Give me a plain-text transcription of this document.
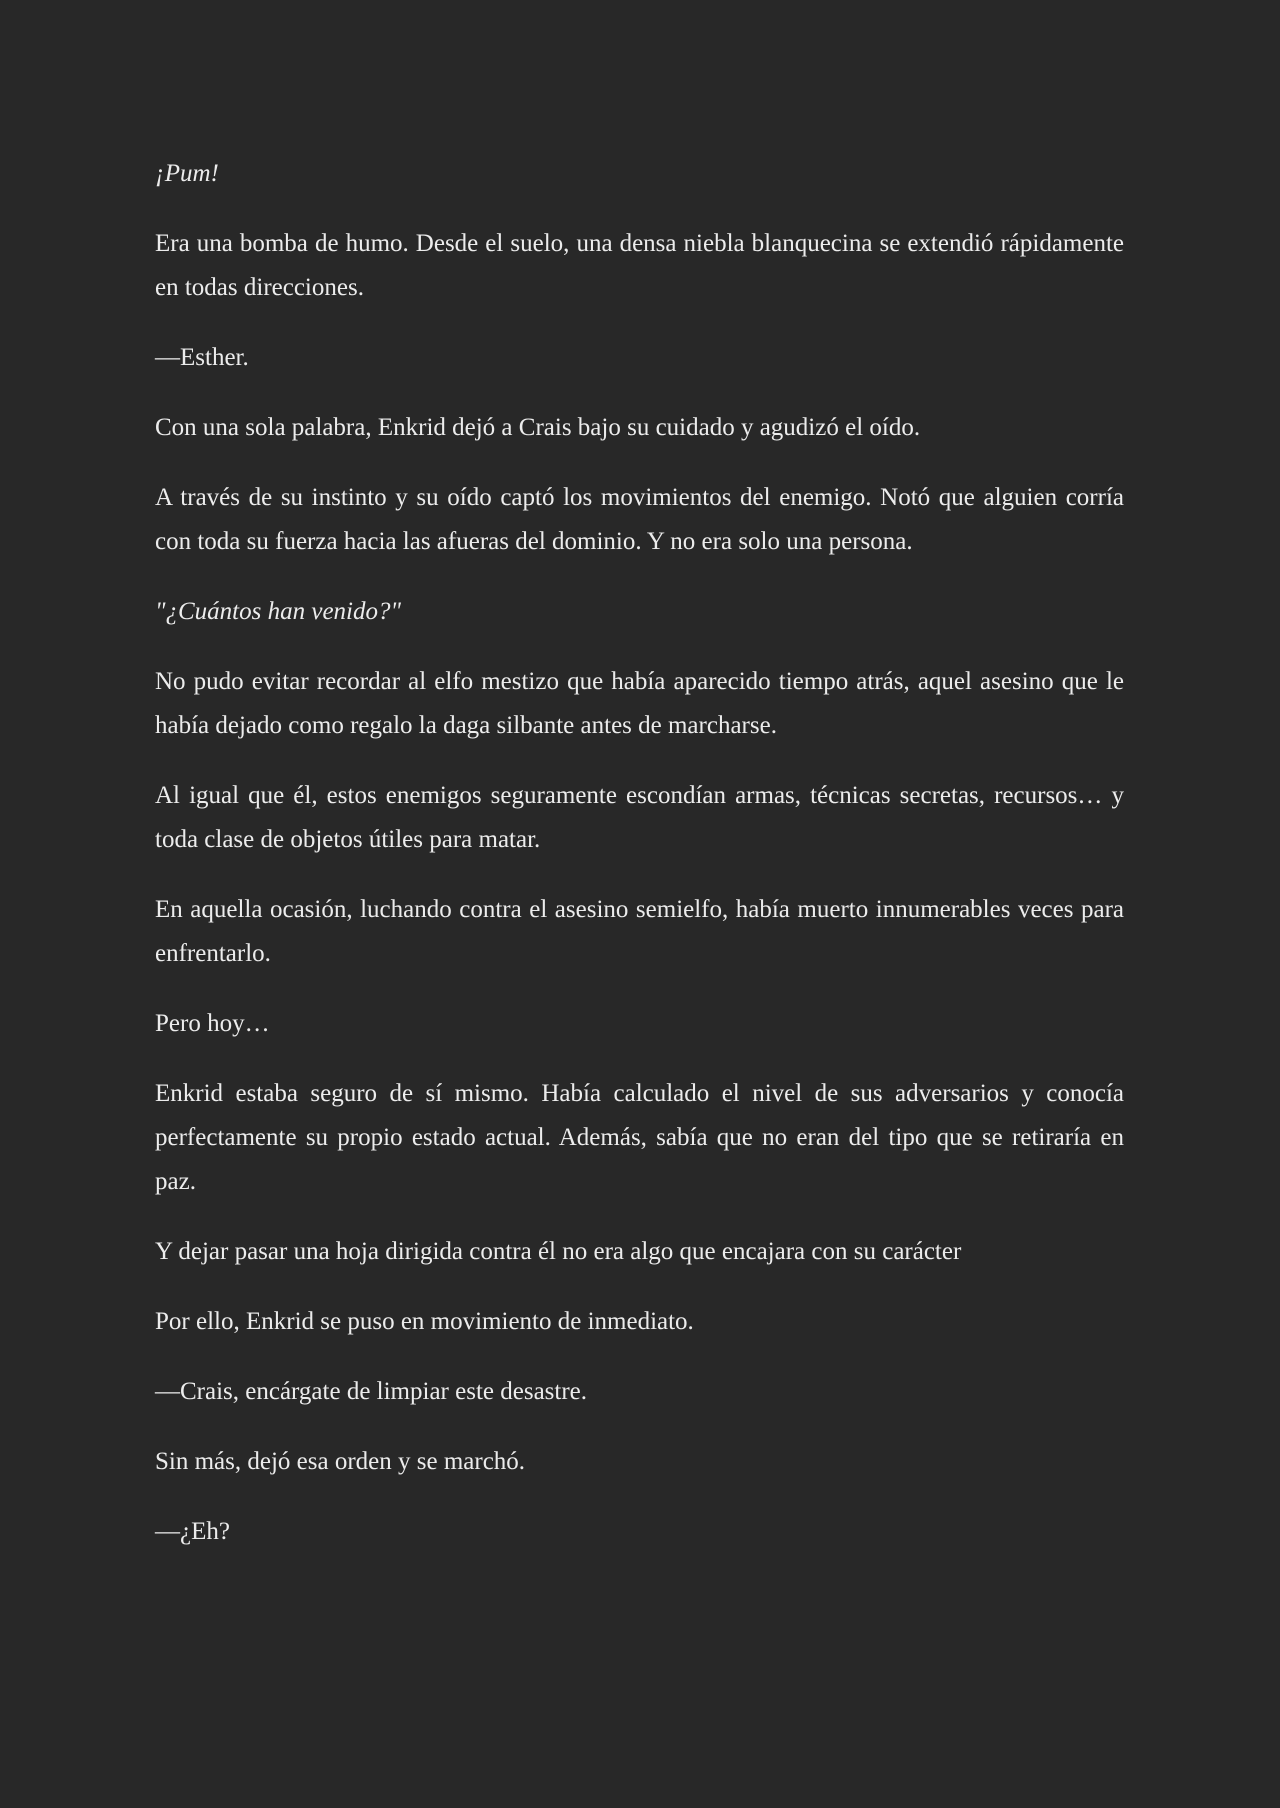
¡Pum!

Era una bomba de humo. Desde el suelo, una densa niebla blanquecina se extendió rápidamente en todas direcciones.

—Esther.

Con una sola palabra, Enkrid dejó a Crais bajo su cuidado y agudizó el oído.

A través de su instinto y su oído captó los movimientos del enemigo. Notó que alguien corría con toda su fuerza hacia las afueras del dominio. Y no era solo una persona.

"¿Cuántos han venido?"

No pudo evitar recordar al elfo mestizo que había aparecido tiempo atrás, aquel asesino que le había dejado como regalo la daga silbante antes de marcharse.

Al igual que él, estos enemigos seguramente escondían armas, técnicas secretas, recursos… y toda clase de objetos útiles para matar.

En aquella ocasión, luchando contra el asesino semielfo, había muerto innumerables veces para enfrentarlo.

Pero hoy…

Enkrid estaba seguro de sí mismo. Había calculado el nivel de sus adversarios y conocía perfectamente su propio estado actual. Además, sabía que no eran del tipo que se retiraría en paz.

Y dejar pasar una hoja dirigida contra él no era algo que encajara con su carácter

Por ello, Enkrid se puso en movimiento de inmediato.

—Crais, encárgate de limpiar este desastre.

Sin más, dejó esa orden y se marchó.

—¿Eh?
